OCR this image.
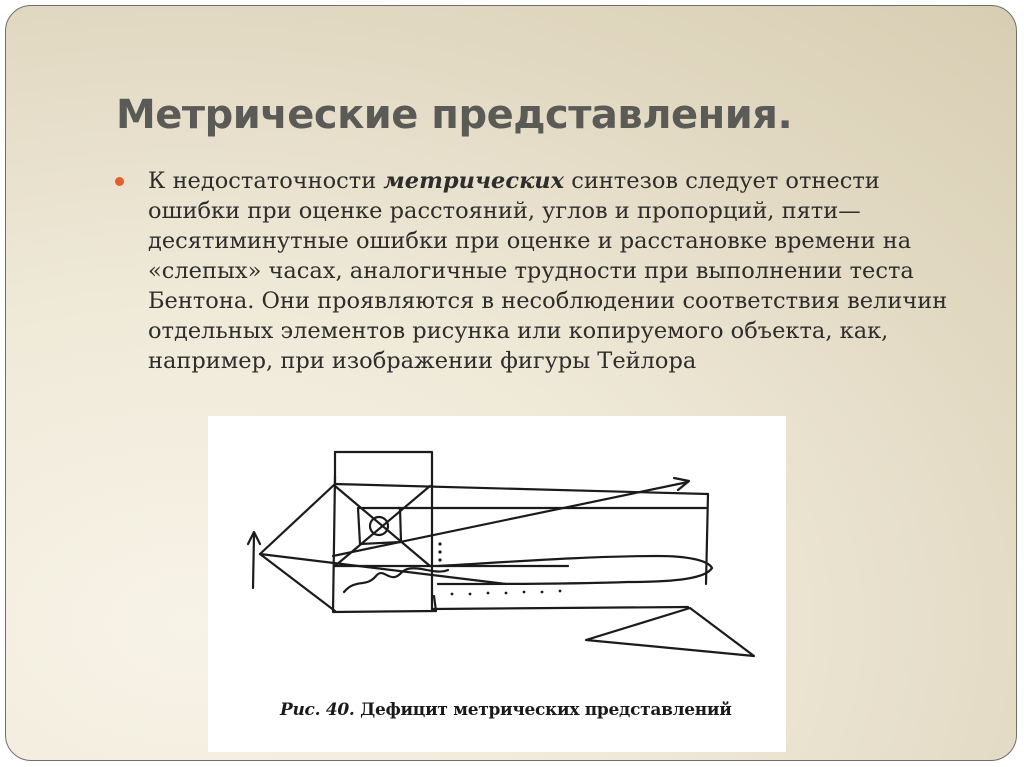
Метрические представления.

К недостаточности метрических синтезов следует отнести ошибки при оценке расстояний, углов и пропорций, пяти—десятиминутные ошибки при оценке и расстановке времени на «слепых» часах, аналогичные трудности при выполнении теста Бентона. Они проявляются в несоблюдении соответствия величин отдельных элементов рисунка или копируемого объекта, как, например, при изображении фигуры Тейлора

Рис. 40. Дефицит метрических представлений
